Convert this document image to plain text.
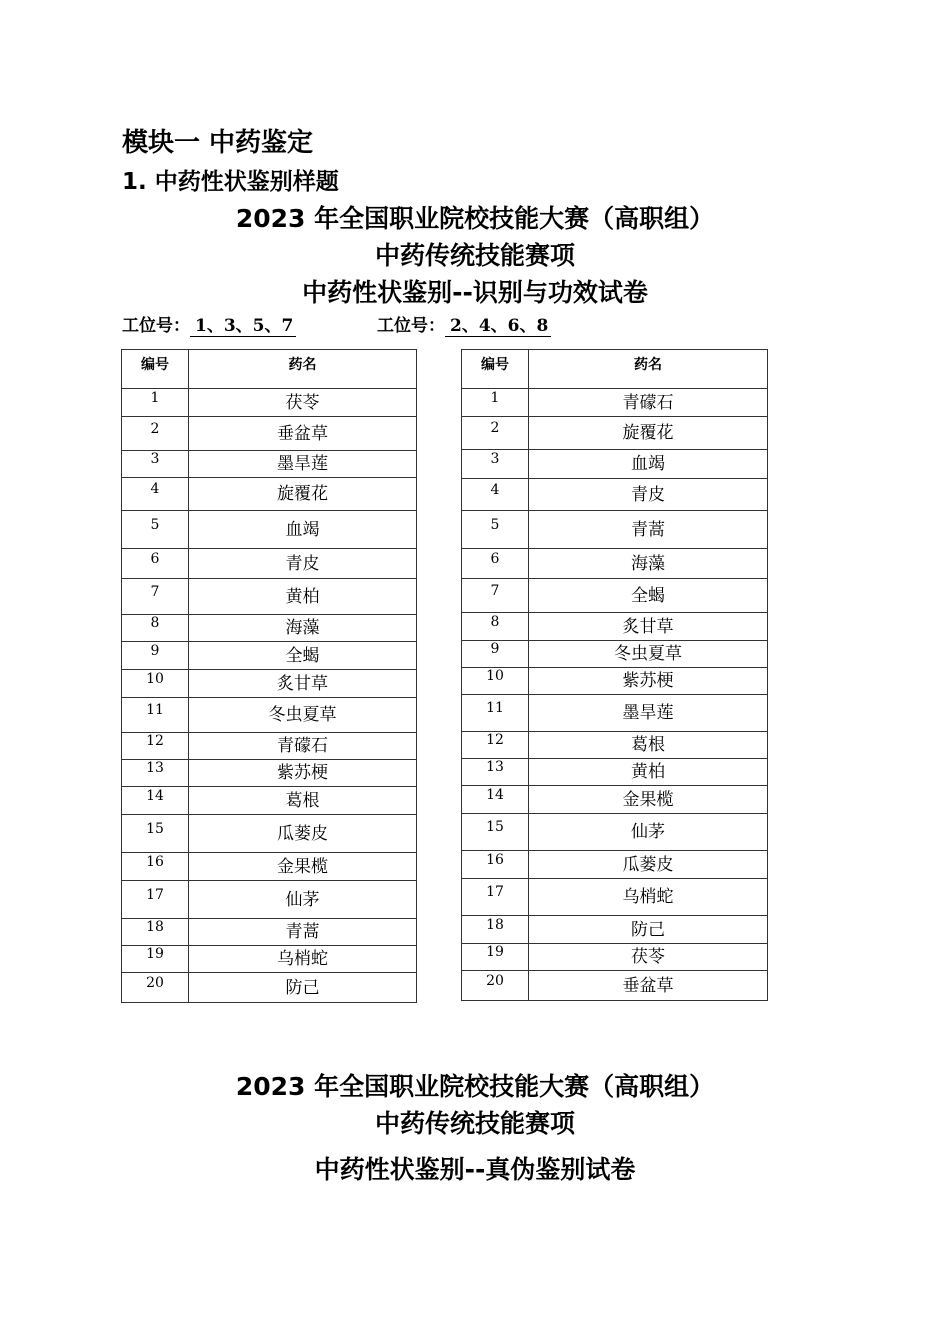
模块一 中药鉴定
1. 中药性状鉴别样题
2023 年全国职业院校技能大赛（高职组）
中药传统技能赛项
中药性状鉴别--识别与功效试卷
工位号： 1、3、5、7	工位号： 2、4、6、8
编号	药名
1	茯苓
2	垂盆草
3	墨旱莲
4	旋覆花
5	血竭
6	青皮
7	黄柏
8	海藻
9	全蝎
10	炙甘草
11	冬虫夏草
12	青礞石
13	紫苏梗
14	葛根
15	瓜蒌皮
16	金果榄
17	仙茅
18	青蒿
19	乌梢蛇
20	防己
编号	药名
1	青礞石
2	旋覆花
3	血竭
4	青皮
5	青蒿
6	海藻
7	全蝎
8	炙甘草
9	冬虫夏草
10	紫苏梗
11	墨旱莲
12	葛根
13	黄柏
14	金果榄
15	仙茅
16	瓜蒌皮
17	乌梢蛇
18	防己
19	茯苓
20	垂盆草
2023 年全国职业院校技能大赛（高职组）
中药传统技能赛项
中药性状鉴别--真伪鉴别试卷
